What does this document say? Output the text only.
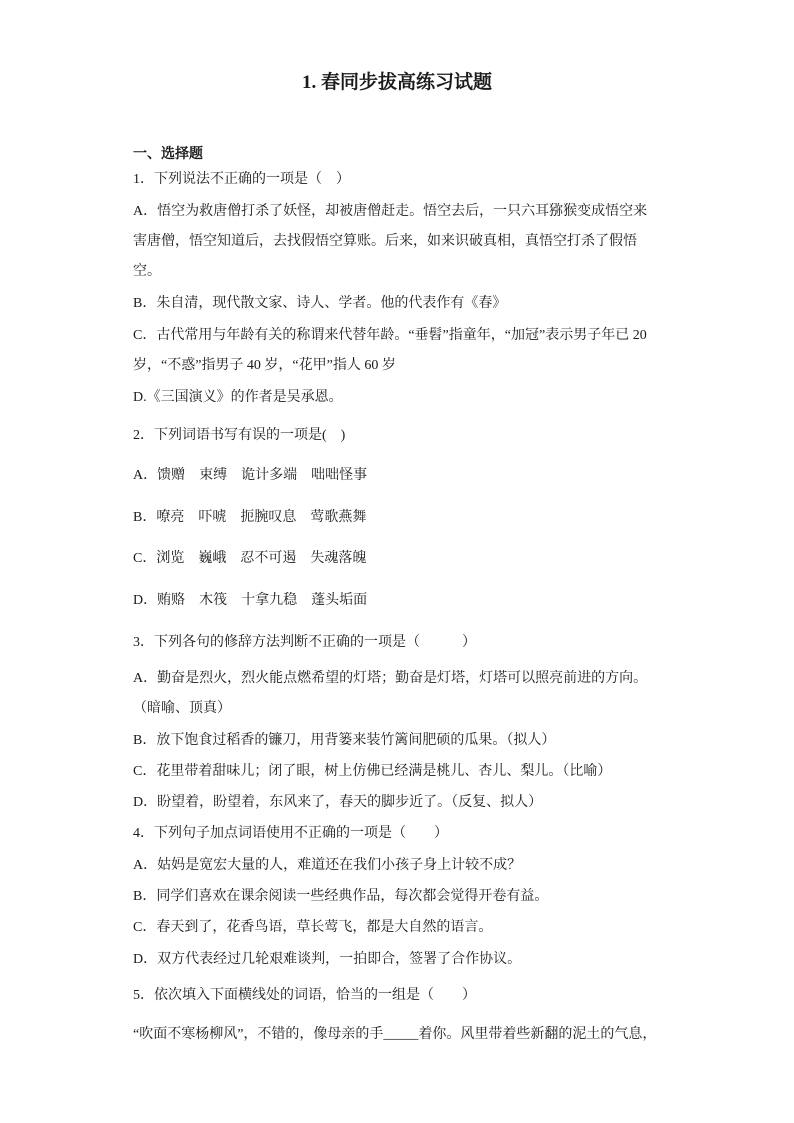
1. 春同步拔高练习试题
一、选择题
1．下列说法不正确的一项是（　）
A．悟空为救唐僧打杀了妖怪，却被唐僧赶走。悟空去后，一只六耳猕猴变成悟空来
害唐僧，悟空知道后，去找假悟空算账。后来，如来识破真相，真悟空打杀了假悟
空。
B．朱自清，现代散文家、诗人、学者。他的代表作有《春》
C．古代常用与年龄有关的称谓来代替年龄。“垂髫”指童年，“加冠”表示男子年已 20
岁，“不惑”指男子 40 岁，“花甲”指人 60 岁
D.《三国演义》的作者是吴承恩。
2．下列词语书写有误的一项是(　)
A．馈赠　束缚　诡计多端　咄咄怪事
B．嘹亮　吓唬　扼腕叹息　莺歌燕舞
C．浏览　巍峨　忍不可遏　失魂落魄
D．贿赂　木筏　十拿九稳　蓬头垢面
3．下列各句的修辞方法判断不正确的一项是（　　　）
A．勤奋是烈火，烈火能点燃希望的灯塔；勤奋是灯塔，灯塔可以照亮前进的方向。
（暗喻、顶真）
B．放下饱食过稻香的镰刀，用背篓来装竹篱间肥硕的瓜果。（拟人）
C．花里带着甜味儿；闭了眼，树上仿佛已经满是桃儿、杏儿、梨儿。（比喻）
D．盼望着，盼望着，东风来了，春天的脚步近了。（反复、拟人）
4．下列句子加点词语使用不正确的一项是（　　）
A．姑妈是宽宏大量的人，难道还在我们小孩子身上计较不成？
B．同学们喜欢在课余阅读一些经典作品，每次都会觉得开卷有益。
C．春天到了，花香鸟语，草长莺飞，都是大自然的语言。
D．双方代表经过几轮艰难谈判，一拍即合，签署了合作协议。
5．依次填入下面横线处的词语，恰当的一组是（　　）
“吹面不寒杨柳风”，不错的，像母亲的手_____着你。风里带着些新翻的泥土的气息，
